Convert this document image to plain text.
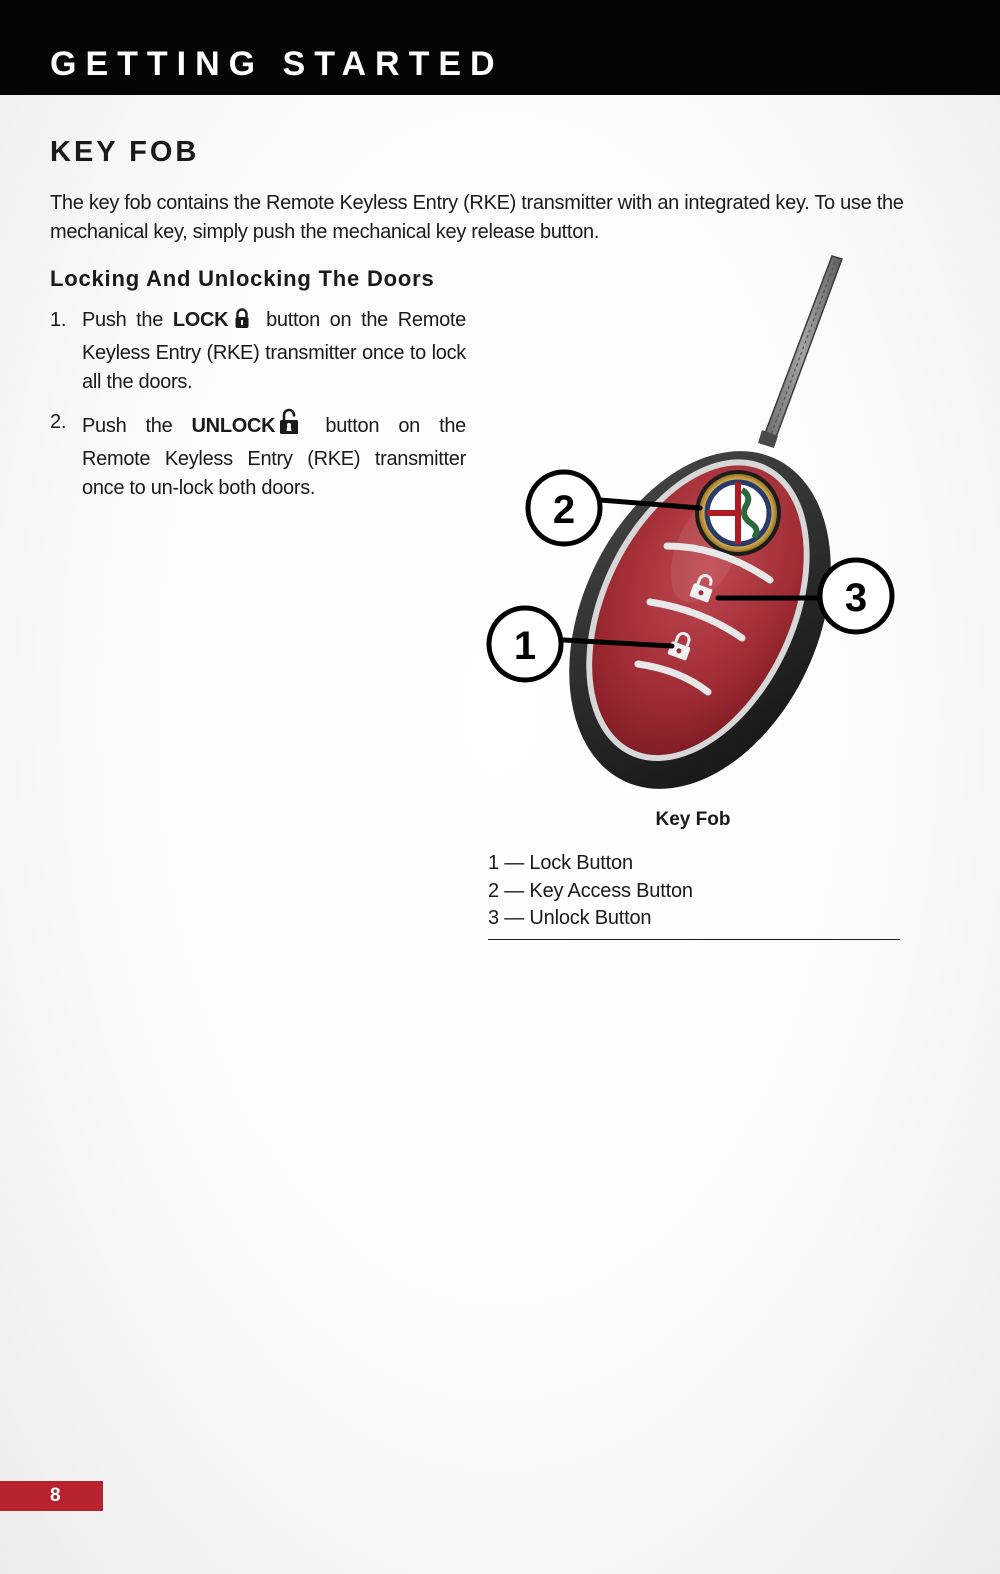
GETTING STARTED
KEY FOB

The key fob contains the Remote Keyless Entry (RKE) transmitter with an integrated key. To use the mechanical key, simply push the mechanical key release button.

Locking And Unlocking The Doors
1. Push the LOCK button on the Remote Keyless Entry (RKE) transmitter once to lock all the doors.
2. Push the UNLOCK button on the Remote Keyless Entry (RKE) transmitter once to un-lock both doors.	2
1
3

Key Fob

1 — Lock Button
2 — Key Access Button
3 — Unlock Button

8
